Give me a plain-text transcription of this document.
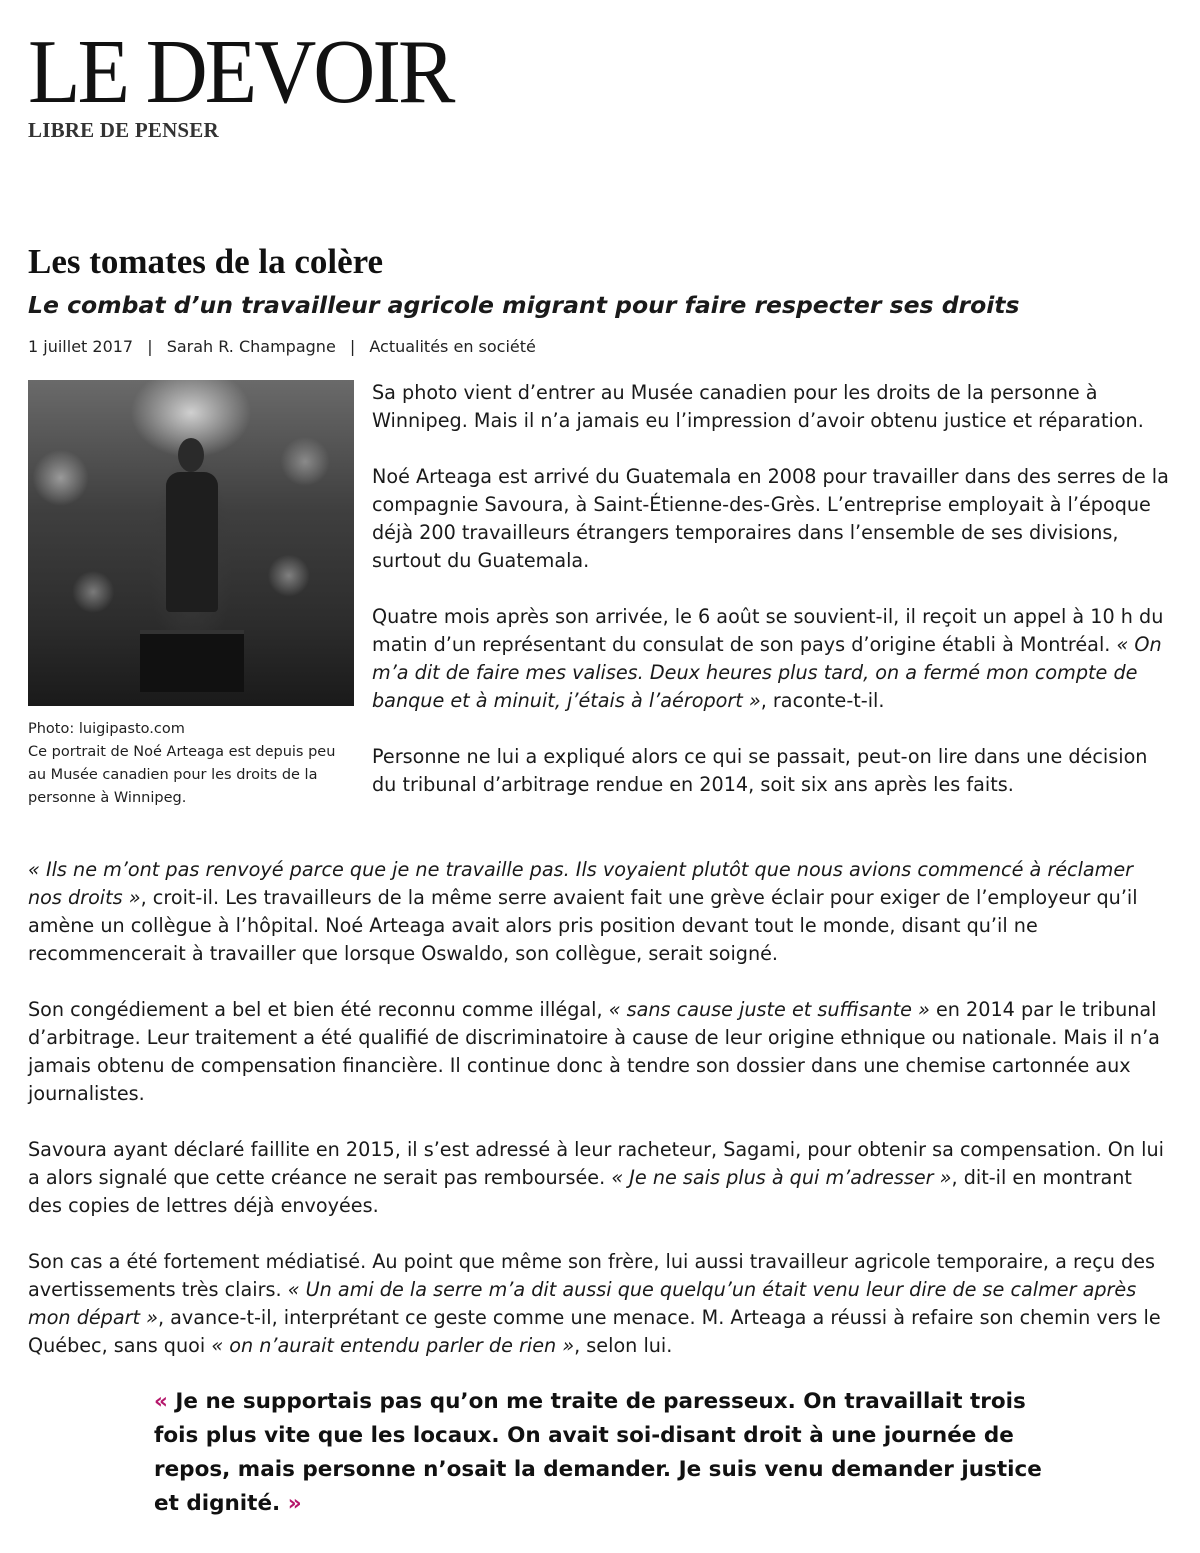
LE DEVOIR
LIBRE DE PENSER
Les tomates de la colère
Le combat d’un travailleur agricole migrant pour faire respecter ses droits
1 juillet 2017 | Sarah R. Champagne | Actualités en société
Photo: luigipasto.com
Ce portrait de Noé Arteaga est depuis peu au Musée canadien pour les droits de la personne à Winnipeg.

Sa photo vient d’entrer au Musée canadien pour les droits de la personne à Winnipeg. Mais il n’a jamais eu l’impression d’avoir obtenu justice et réparation.

Noé Arteaga est arrivé du Guatemala en 2008 pour travailler dans des serres de la compagnie Savoura, à Saint-Étienne-des-Grès. L’entreprise employait à l’époque déjà 200 travailleurs étrangers temporaires dans l’ensemble de ses divisions, surtout du Guatemala.

Quatre mois après son arrivée, le 6 août se souvient-il, il reçoit un appel à 10 h du matin d’un représentant du consulat de son pays d’origine établi à Montréal. « On m’a dit de faire mes valises. Deux heures plus tard, on a fermé mon compte de banque et à minuit, j’étais à l’aéroport », raconte-t-il.

Personne ne lui a expliqué alors ce qui se passait, peut-on lire dans une décision du tribunal d’arbitrage rendue en 2014, soit six ans après les faits.

« Ils ne m’ont pas renvoyé parce que je ne travaille pas. Ils voyaient plutôt que nous avions commencé à réclamer nos droits », croit-il. Les travailleurs de la même serre avaient fait une grève éclair pour exiger de l’employeur qu’il amène un collègue à l’hôpital. Noé Arteaga avait alors pris position devant tout le monde, disant qu’il ne recommencerait à travailler que lorsque Oswaldo, son collègue, serait soigné.

Son congédiement a bel et bien été reconnu comme illégal, « sans cause juste et suffisante » en 2014 par le tribunal d’arbitrage. Leur traitement a été qualifié de discriminatoire à cause de leur origine ethnique ou nationale. Mais il n’a jamais obtenu de compensation financière. Il continue donc à tendre son dossier dans une chemise cartonnée aux journalistes.

Savoura ayant déclaré faillite en 2015, il s’est adressé à leur racheteur, Sagami, pour obtenir sa compensation. On lui a alors signalé que cette créance ne serait pas remboursée. « Je ne sais plus à qui m’adresser », dit-il en montrant des copies de lettres déjà envoyées.

Son cas a été fortement médiatisé. Au point que même son frère, lui aussi travailleur agricole temporaire, a reçu des avertissements très clairs. « Un ami de la serre m’a dit aussi que quelqu’un était venu leur dire de se calmer après mon départ », avance-t-il, interprétant ce geste comme une menace. M. Arteaga a réussi à refaire son chemin vers le Québec, sans quoi « on n’aurait entendu parler de rien », selon lui.

« Je ne supportais pas qu’on me traite de paresseux. On travaillait trois fois plus vite que les locaux. On avait soi-disant droit à une journée de repos, mais personne n’osait la demander. Je suis venu demander justice et dignité. »
